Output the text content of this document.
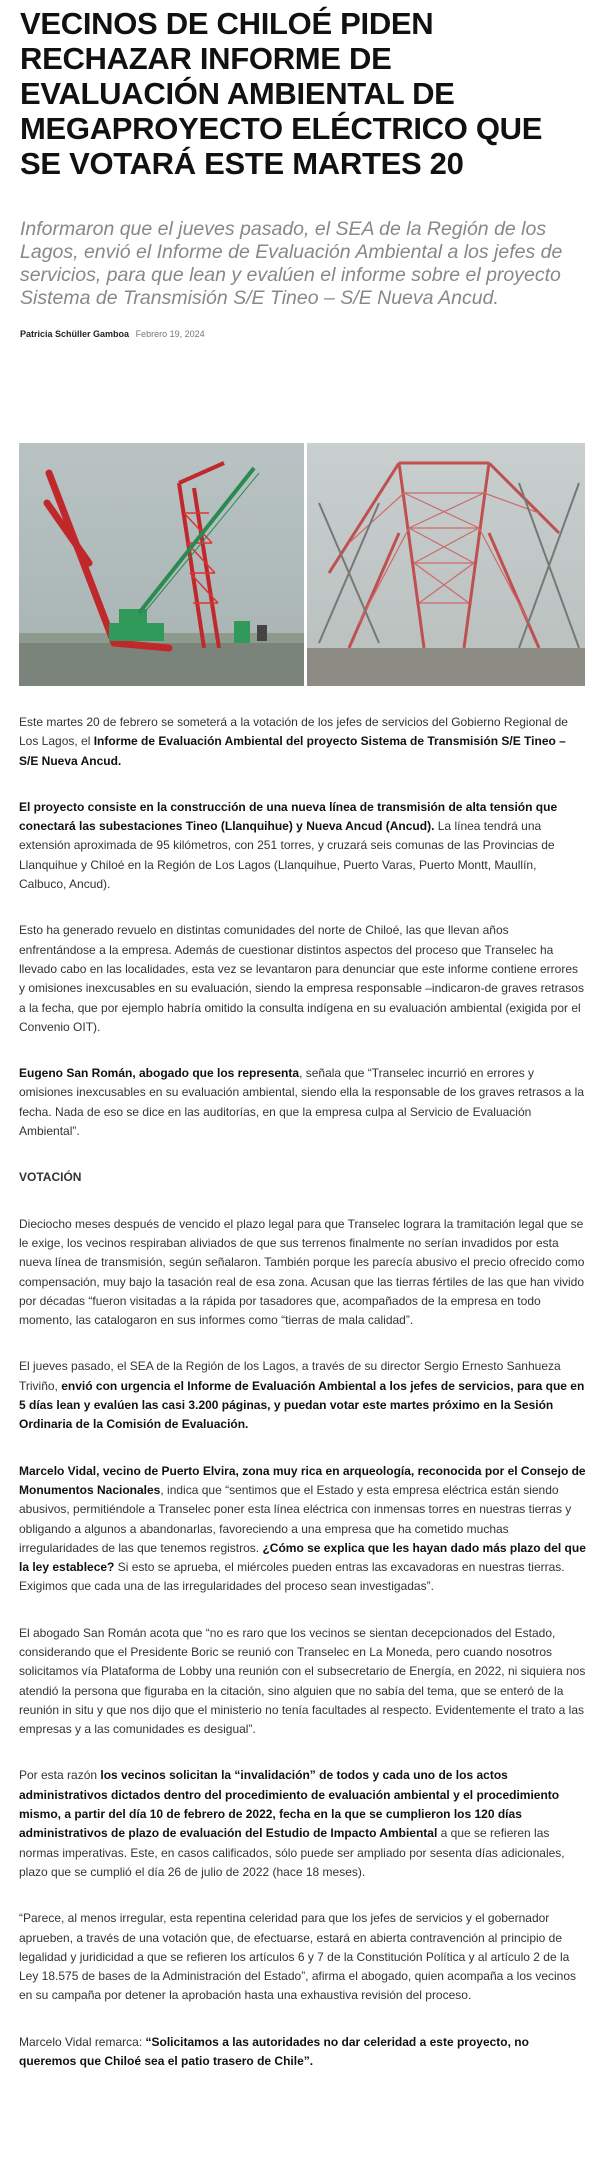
VECINOS DE CHILOÉ PIDEN RECHAZAR INFORME DE EVALUACIÓN AMBIENTAL DE MEGAPROYECTO ELÉCTRICO QUE SE VOTARÁ ESTE MARTES 20

Informaron que el jueves pasado, el SEA de la Región de los Lagos, envió el Informe de Evaluación Ambiental a los jefes de servicios, para que lean y evalúen el informe sobre el proyecto Sistema de Transmisión S/E Tineo – S/E Nueva Ancud.

Patricia Schüller Gamboa Febrero 19, 2024

Este martes 20 de febrero se someterá a la votación de los jefes de servicios del Gobierno Regional de Los Lagos, el Informe de Evaluación Ambiental del proyecto Sistema de Transmisión S/E Tineo – S/E Nueva Ancud.

El proyecto consiste en la construcción de una nueva línea de transmisión de alta tensión que conectará las subestaciones Tineo (Llanquihue) y Nueva Ancud (Ancud). La línea tendrá una extensión aproximada de 95 kilómetros, con 251 torres, y cruzará seis comunas de las Provincias de Llanquihue y Chiloé en la Región de Los Lagos (Llanquihue, Puerto Varas, Puerto Montt, Maullín, Calbuco, Ancud).

Esto ha generado revuelo en distintas comunidades del norte de Chiloé, las que llevan años enfrentándose a la empresa. Además de cuestionar distintos aspectos del proceso que Transelec ha llevado cabo en las localidades, esta vez se levantaron para denunciar que este informe contiene errores y omisiones inexcusables en su evaluación, siendo la empresa responsable –indicaron-de graves retrasos a la fecha, que por ejemplo habría omitido la consulta indígena en su evaluación ambiental (exigida por el Convenio OIT).

Eugeno San Román, abogado que los representa, señala que “Transelec incurrió en errores y omisiones inexcusables en su evaluación ambiental, siendo ella la responsable de los graves retrasos a la fecha. Nada de eso se dice en las auditorías, en que la empresa culpa al Servicio de Evaluación Ambiental”.

VOTACIÓN

Dieciocho meses después de vencido el plazo legal para que Transelec lograra la tramitación legal que se le exige, los vecinos respiraban aliviados de que sus terrenos finalmente no serían invadidos por esta nueva línea de transmisión, según señalaron. También porque les parecía abusivo el precio ofrecido como compensación, muy bajo la tasación real de esa zona. Acusan que las tierras fértiles de las que han vivido por décadas “fueron visitadas a la rápida por tasadores que, acompañados de la empresa en todo momento, las catalogaron en sus informes como “tierras de mala calidad”.

El jueves pasado, el SEA de la Región de los Lagos, a través de su director Sergio Ernesto Sanhueza Triviño, envió con urgencia el Informe de Evaluación Ambiental a los jefes de servicios, para que en 5 días lean y evalúen las casi 3.200 páginas, y puedan votar este martes próximo en la Sesión Ordinaria de la Comisión de Evaluación.

Marcelo Vidal, vecino de Puerto Elvira, zona muy rica en arqueología, reconocida por el Consejo de Monumentos Nacionales, indica que “sentimos que el Estado y esta empresa eléctrica están siendo abusivos, permitiéndole a Transelec poner esta línea eléctrica con inmensas torres en nuestras tierras y obligando a algunos a abandonarlas, favoreciendo a una empresa que ha cometido muchas irregularidades de las que tenemos registros. ¿Cómo se explica que les hayan dado más plazo del que la ley establece? Si esto se aprueba, el miércoles pueden entras las excavadoras en nuestras tierras. Exigimos que cada una de las irregularidades del proceso sean investigadas”.

El abogado San Román acota que “no es raro que los vecinos se sientan decepcionados del Estado, considerando que el Presidente Boric se reunió con Transelec en La Moneda, pero cuando nosotros solicitamos vía Plataforma de Lobby una reunión con el subsecretario de Energía, en 2022, ni siquiera nos atendió la persona que figuraba en la citación, sino alguien que no sabía del tema, que se enteró de la reunión in situ y que nos dijo que el ministerio no tenía facultades al respecto. Evidentemente el trato a las empresas y a las comunidades es desigual”.

Por esta razón los vecinos solicitan la “invalidación” de todos y cada uno de los actos administrativos dictados dentro del procedimiento de evaluación ambiental y el procedimiento mismo, a partir del día 10 de febrero de 2022, fecha en la que se cumplieron los 120 días administrativos de plazo de evaluación del Estudio de Impacto Ambiental a que se refieren las normas imperativas. Este, en casos calificados, sólo puede ser ampliado por sesenta días adicionales, plazo que se cumplió el día 26 de julio de 2022 (hace 18 meses).

“Parece, al menos irregular, esta repentina celeridad para que los jefes de servicios y el gobernador aprueben, a través de una votación que, de efectuarse, estará en abierta contravención al principio de legalidad y juridicidad a que se refieren los artículos 6 y 7 de la Constitución Política y al artículo 2 de la Ley 18.575 de bases de la Administración del Estado”, afirma el abogado, quien acompaña a los vecinos en su campaña por detener la aprobación hasta una exhaustiva revisión del proceso.

Marcelo Vidal remarca: “Solicitamos a las autoridades no dar celeridad a este proyecto, no queremos que Chiloé sea el patio trasero de Chile”.
